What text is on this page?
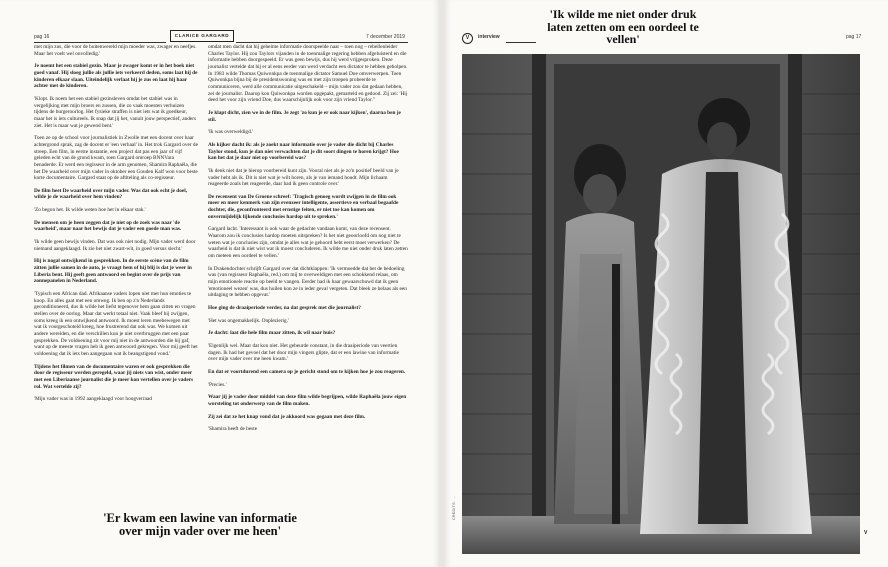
pag 16	CLARICE GARGARD	7 december 2019

met mijn zus, die voor de buitenwereld mijn moeder was, zwager en neefjes. Maar het voelt wel onvolledig.'

Je noemt het een stabiel gezin. Maar je zwager komt er in het boek niet goed vanaf. Hij sloeg jullie als jullie iets verkeerd deden, soms laat hij de kinderen elkaar slaan. Uiteindelijk verlaat hij je zus en laat hij haar achter met de kinderen.

'Klopt. Ik noem het een stabiel gezinsleven omdat het stabiel was in vergelijking met mijn broers en zussen, die zo vaak moesten verhuizen tijdens de burgeroorlog. Het fysieke straffen is niet iets wat ik goedkeur, maar het is iets cultureels. Ik snap dat jij het, vanuit jouw perspectief, anders ziet. Het is maar wat je gewend bent.'

Toen ze op de school voor journalistiek in Zwolle met een docent over haar achtergrond sprak, zag de docent er 'een verhaal' in. Het trok Gargard over de streep. Een film, in eerste instantie, een project dat pas een jaar of vijf geleden echt van de grond kwam, toen Gargard omroep BNNVara benaderde. Er werd een regisseur in de arm genomen, Shamira Raphaëla, die het De waarheid over mijn vader in oktober een Gouden Kalf won voor beste korte documentaire. Gargard staat op de aftiteling als co-regisseur.

De film heet De waarheid over mijn vader. Was dat ook echt je doel, wilde je de waarheid over hem vinden?

'Zo begon het. Ik wilde weten hoe het in elkaar stak.'

De mensen om je heen zeggen dat je niet op de zoek was naar 'de waarheid', maar naar het bewijs dat je vader een goede man was.

'Ik wilde geen bewijs vinden. Dat was ook niet nodig. Mijn vader werd door niemand aangeklaagd. Ik zie het niet zwart-wit, in goed versus slecht.'

Hij is nogal ontwijkend in gesprekken. In de eerste scène van de film zitten jullie samen in de auto, je vraagt hem of hij blij is dat je weer in Liberia bent. Hij geeft geen antwoord en begint over de prijs van zonnepanelen in Nederland.

'Typisch een African dad. Afrikaanse vaders lopen niet met hun emoties te koop. En alles gaat met een omweg. Ik ben op z'n Nederlands geconditioneerd, dus ik wilde het liefst tegenover hem gaan zitten en vragen stellen over de oorlog. Maar dat werkt totaal niet. Vaak bleef hij zwijgen, soms kreeg ik een ontwijkend antwoord. Ik moest leren meebewegen met wat ik voorgeschoteld kreeg, hoe frustrerend dat ook was. We komen uit andere werelden, en die verschillen kun je niet overbruggen met een paar gesprekken. De voldoening zit voor mij niet in de antwoorden die hij gaf, want op de meeste vragen heb ik geen antwoord gekregen. Voor mij geeft het voldoening dat ik iets ben aangegaan wat ik beangstigend vond.'

Tijdens het filmen van de documentaire waren er ook gesprekken die door de regisseur werden geregeld, waar jij niets van wist, onder meer met een Liberiaanse journalist die je meer kon vertellen over je vaders rol. Wat vertelde zij?

'Mijn vader was in 1992 aangeklaagd voor hoogverraad

omdat men dacht dat hij geheime informatie doorspeelde naar – toen nog – rebellenleider Charles Taylor. Hij zou Taylors vijanden in de toenmalige regering hebben afgeluisterd en die informatie hebben doorgespeeld. Er was geen bewijs, dus hij werd vrijgesproken. Deze journalist vertelde dat hij er al eens eerder van werd verdacht een dictator te hebben geholpen. In 1983 wilde Thomas Quiwonkpa de toenmalige dictator Samuel Doe omverwerpen. Toen Quiwonkpa bijna bij de presidentswoning was en met zijn troepen probeerde te communiceren, werd alle communicatie uitgeschakeld – mijn vader zou dat gedaan hebben, zei de journalist. Daarop kon Quiwonkpa worden opgepakt, gemarteld en gedood. Zij zei: 'Hij deed het voor zijn vriend Doe, dus waarschijnlijk ook voor zijn vriend Taylor.''

Je klapt dicht, zien we in de film. Je zegt 'zo kun je er ook naar kijken', daarna ben je stil.

'Ik was overweldigd.'

Als kijker dacht ik: als je zoekt naar informatie over je vader die dicht bij Charles Taylor stond, kun je dan niet verwachten dat je dit soort dingen te horen krijgt? Hoe kan het dat je daar niet op voorbereid was?

'Ik denk niet dat je hierop voorbereid kunt zijn. Vooral niet als je zo'n positief beeld van je vader hebt als ik. Dit is niet wat je wilt horen, als je van iemand houdt. Mijn lichaam reageerde zoals het reageerde, daar had ik geen controle over.'

De recensent van De Groene schreef: 'Tragisch genoeg wordt zwijgen in de film ook meer en meer kenmerk van zijn evenzeer intelligente, assertieve en verbaal begaafde dochter, die, geconfronteerd met ernstige feiten, er niet toe kan komen om onvermijdelijk lijkende conclusies hardop uit te spreken.'

Gargard lacht. 'Interessant is ook waar de gedachte vandaan komt, van deze recensent. Waarom zou ik conclusies hardop moeten uitspreken? Is het niet geoorloofd om nog niet te weten wat je conclusies zijn, omdat je alles wat je gehoord hebt eerst moet verwerken? De waarheid is dat ik niet wist wat ik moest concluderen. Ik wilde me niet onder druk laten zetten om meteen een oordeel te vellen.'

In Drakendochter schrijft Gargard over dat dichtklappen: 'Ik vermoedde dat het de bedoeling was (van regisseur Raphaëla, red.) om mij te overweldigen met een schokkend relaas, om mijn emotionele reactie op beeld te vangen. Eerder had ik haar gewaarschuwd dat ik geen 'emotioneel wezen' was, dus huilen kon ze in ieder geval vergeten. Dat bleek ze helaas als een uitdaging te hebben opgevat.'

Hoe ging de draaiperiode verder, na dat gesprek met die journalist?

'Het was ongemakkelijk. Onplezierig.'

Je dacht: laat die hele film maar zitten, ik wil naar huis?

'Eigenlijk wel. Maar dat kon niet. Het gebeurde constant, in die draaiperiode van veertien dagen. Ik had het gevoel dat het door mijn vingers glipte, dat er een lawine van informatie over mijn vader over me heen kwam.'

En dat er voortdurend een camera op je gericht stond om te kijken hoe je zou reageren.

'Precies.'

Waar jij je vader door middel van deze film wilde begrijpen, wilde Raphaëla jouw eigen worsteling tot onderwerp van de film maken.

Zij zei dat ze het knap vond dat je akkoord was gegaan met deze film.

'Shamira heeft de beste

'Er kwam een lawine van informatie over mijn vader over me heen'
'Ik wilde me niet onder druk laten zetten om een oordeel te vellen'
V	interview	pag 17
CREDITS: ...
V
